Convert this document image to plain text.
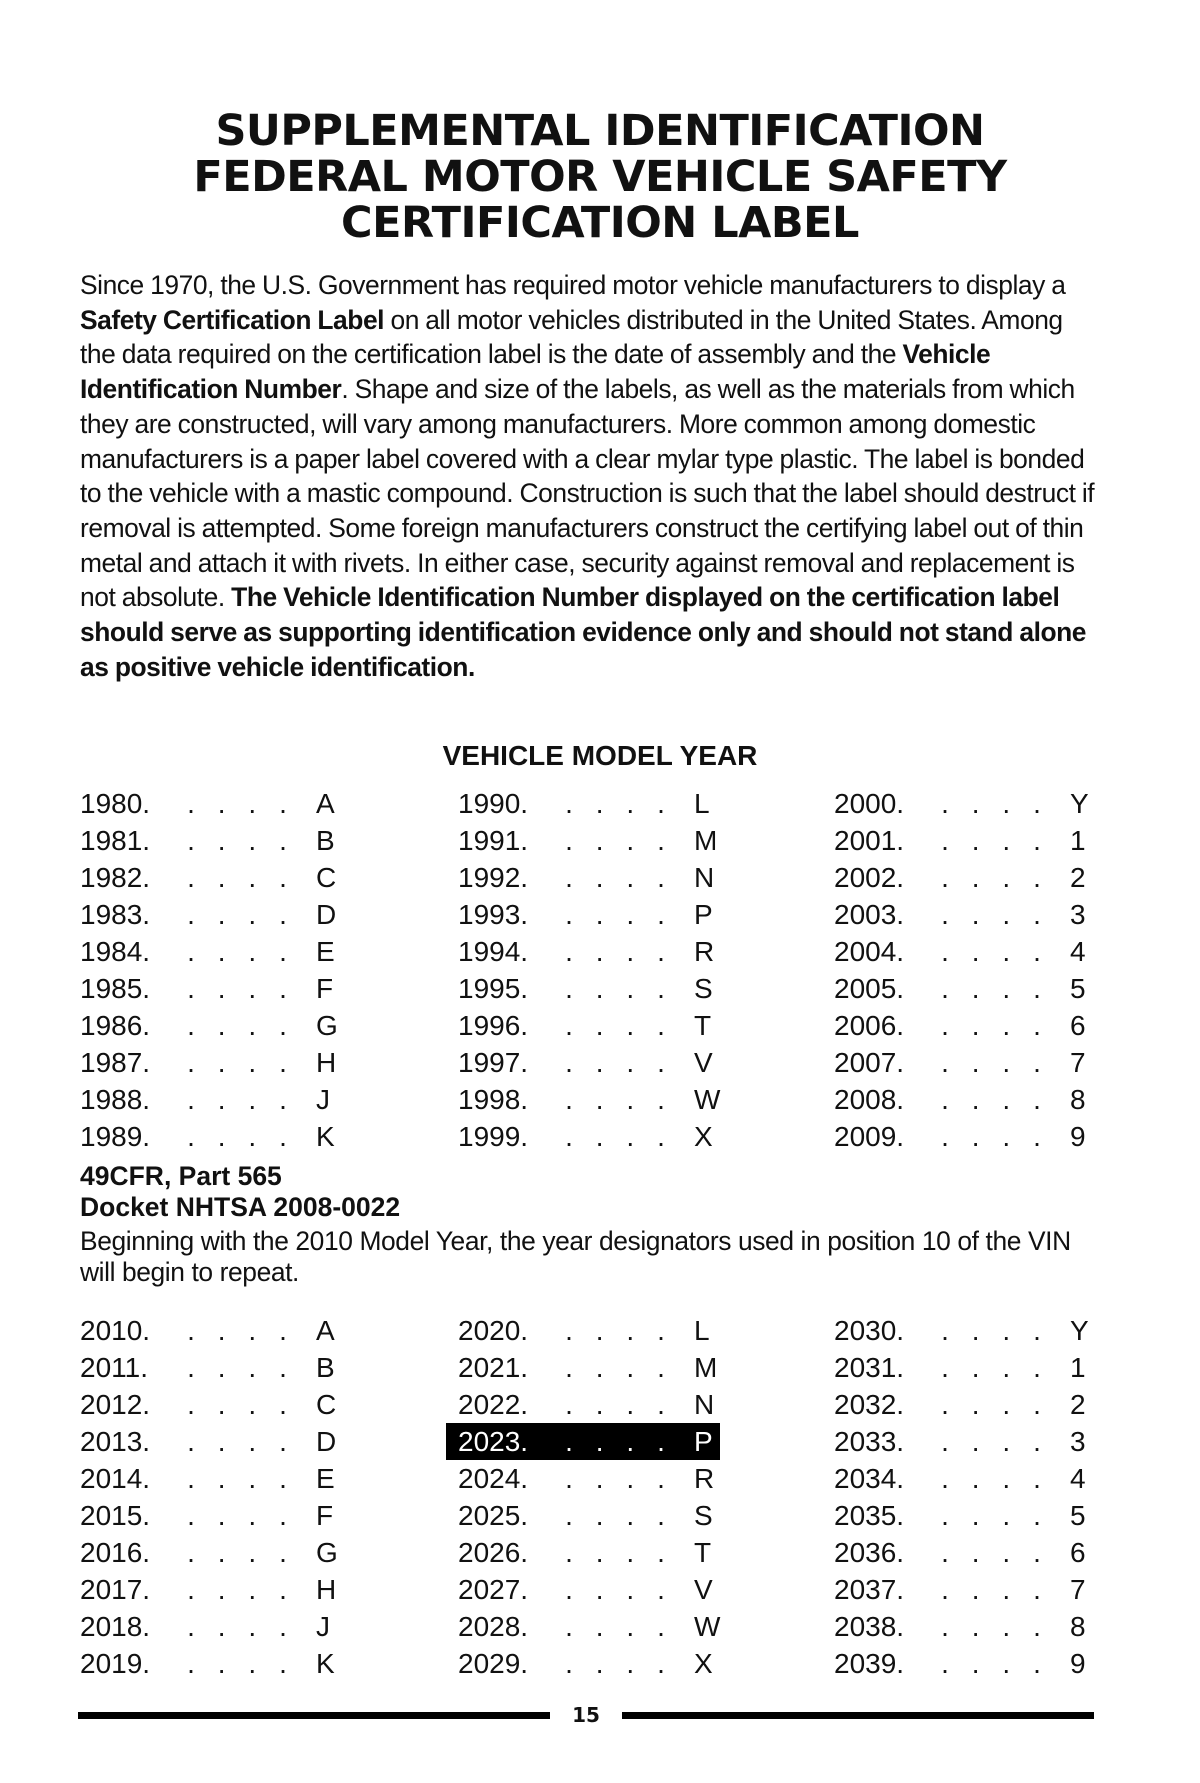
SUPPLEMENTAL IDENTIFICATION
FEDERAL MOTOR VEHICLE SAFETY
CERTIFICATION LABEL
Since 1970, the U.S. Government has required motor vehicle manufacturers to display a Safety Certification Label on all motor vehicles distributed in the United States. Among the data required on the certification label is the date of assembly and the Vehicle Identification Number. Shape and size of the labels, as well as the materials from which they are constructed, will vary among manufacturers. More common among domestic manufacturers is a paper label covered with a clear mylar type plastic. The label is bonded to the vehicle with a mastic compound. Construction is such that the label should destruct if removal is attempted. Some foreign manufacturers construct the certifying label out of thin metal and attach it with rivets. In either case, security against removal and replacement is not absolute. The Vehicle Identification Number displayed on the certification label should serve as supporting identification evidence only and should not stand alone as positive vehicle identification.
VEHICLE MODEL YEAR
1980. . . . . A
1981. . . . . B
1982. . . . . C
1983. . . . . D
1984. . . . . E
1985. . . . . F
1986. . . . . G
1987. . . . . H
1988. . . . . J
1989. . . . . K
1990. . . . . L
1991. . . . . M
1992. . . . . N
1993. . . . . P
1994. . . . . R
1995. . . . . S
1996. . . . . T
1997. . . . . V
1998. . . . . W
1999. . . . . X
2000. . . . . Y
2001. . . . . 1
2002. . . . . 2
2003. . . . . 3
2004. . . . . 4
2005. . . . . 5
2006. . . . . 6
2007. . . . . 7
2008. . . . . 8
2009. . . . . 9
49CFR, Part 565
Docket NHTSA 2008-0022
Beginning with the 2010 Model Year, the year designators used in position 10 of the VIN will begin to repeat.
2010. . . . . A
2011. . . . . B
2012. . . . . C
2013. . . . . D
2014. . . . . E
2015. . . . . F
2016. . . . . G
2017. . . . . H
2018. . . . . J
2019. . . . . K
2020. . . . . L
2021. . . . . M
2022. . . . . N
2023. . . . . P
2024. . . . . R
2025. . . . . S
2026. . . . . T
2027. . . . . V
2028. . . . . W
2029. . . . . X
2030. . . . . Y
2031. . . . . 1
2032. . . . . 2
2033. . . . . 3
2034. . . . . 4
2035. . . . . 5
2036. . . . . 6
2037. . . . . 7
2038. . . . . 8
2039. . . . . 9
15
